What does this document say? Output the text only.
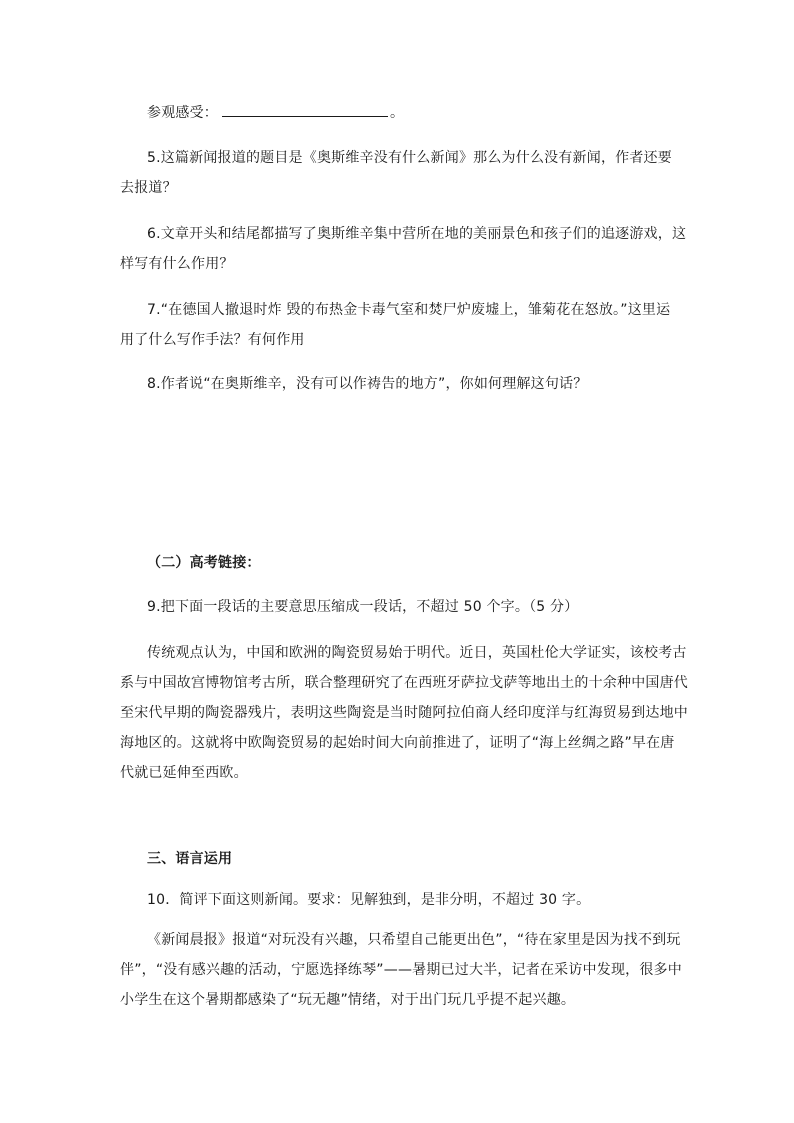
参观感受：	。
5.这篇新闻报道的题目是《奥斯维辛没有什么新闻》那么为什么没有新闻，作者还要
去报道？
6.文章开头和结尾都描写了奥斯维辛集中营所在地的美丽景色和孩子们的追逐游戏，这
样写有什么作用？
7.“在德国人撤退时炸 毁的布热金卡毒气室和焚尸炉废墟上，雏菊花在怒放。”这里运
用了什么写作手法？有何作用
8.作者说“在奥斯维辛，没有可以作祷告的地方”，你如何理解这句话？
（二）高考链接：
9.把下面一段话的主要意思压缩成一段话，不超过 50 个字。（5 分）
传统观点认为，中国和欧洲的陶瓷贸易始于明代。近日，英国杜伦大学证实，该校考古
系与中国故宫博物馆考古所，联合整理研究了在西班牙萨拉戈萨等地出土的十余种中国唐代
至宋代早期的陶瓷器残片，表明这些陶瓷是当时随阿拉伯商人经印度洋与红海贸易到达地中
海地区的。这就将中欧陶瓷贸易的起始时间大向前推进了，证明了“海上丝绸之路”早在唐
代就已延伸至西欧。
三、语言运用
10．简评下面这则新闻。要求：见解独到，是非分明，不超过 30 字。
《新闻晨报》报道“对玩没有兴趣，只希望自己能更出色”，“待在家里是因为找不到玩
伴”，“没有感兴趣的活动，宁愿选择练琴”——暑期已过大半，记者在采访中发现，很多中
小学生在这个暑期都感染了“玩无趣”情绪，对于出门玩几乎提不起兴趣。
